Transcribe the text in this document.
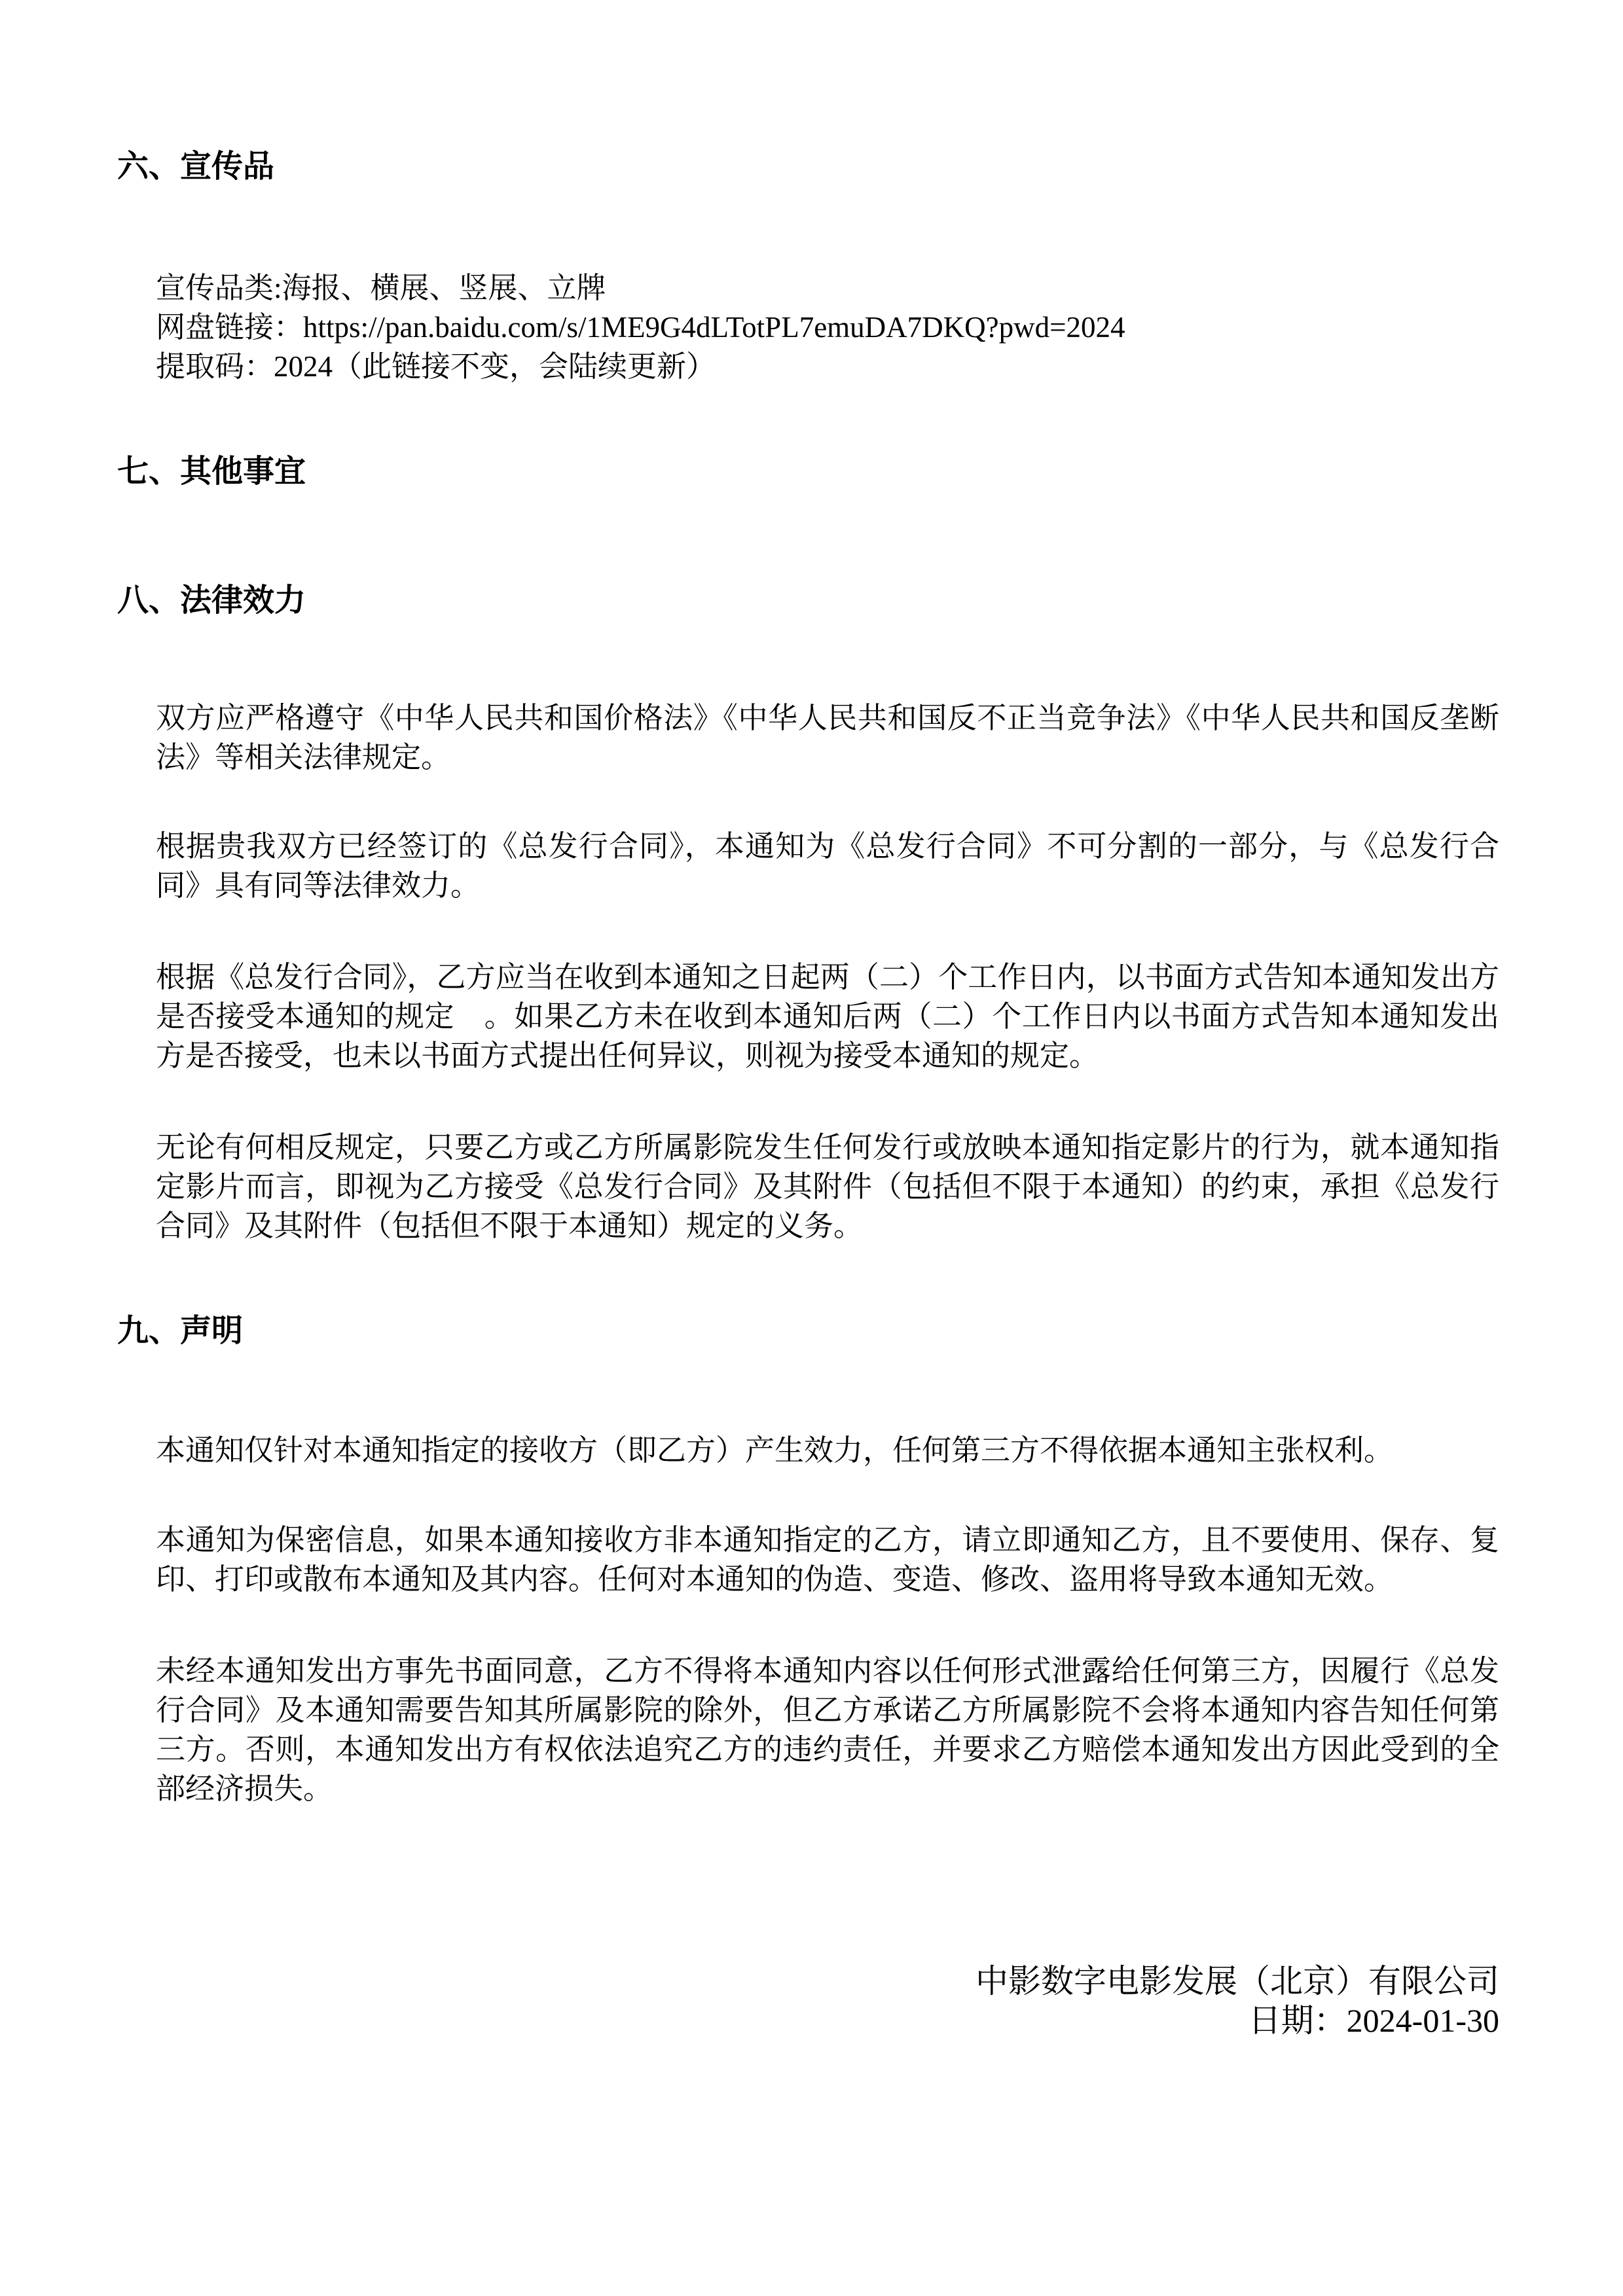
六、宣传品

宣传品类:海报、横展、竖展、立牌

网盘链接：https://pan.baidu.com/s/1ME9G4dLTotPL7emuDA7DKQ?pwd=2024

提取码：2024（此链接不变，会陆续更新）

七、其他事宜
八、法律效力

双方应严格遵守《中华人民共和国价格法》《中华人民共和国反不正当竞争法》《中华人民共和国反垄断法》等相关法律规定。

根据贵我双方已经签订的《总发行合同》，本通知为《总发行合同》不可分割的一部分，与《总发行合同》具有同等法律效力。

根据《总发行合同》，乙方应当在收到本通知之日起两（二）个工作日内，以书面方式告知本通知发出方是否接受本通知的规定　。如果乙方未在收到本通知后两（二）个工作日内以书面方式告知本通知发出方是否接受，也未以书面方式提出任何异议，则视为接受本通知的规定。

无论有何相反规定，只要乙方或乙方所属影院发生任何发行或放映本通知指定影片的行为，就本通知指定影片而言，即视为乙方接受《总发行合同》及其附件（包括但不限于本通知）的约束，承担《总发行合同》及其附件（包括但不限于本通知）规定的义务。

九、声明

本通知仅针对本通知指定的接收方（即乙方）产生效力，任何第三方不得依据本通知主张权利。

本通知为保密信息，如果本通知接收方非本通知指定的乙方，请立即通知乙方，且不要使用、保存、复印、打印或散布本通知及其内容。任何对本通知的伪造、变造、修改、盗用将导致本通知无效。

未经本通知发出方事先书面同意，乙方不得将本通知内容以任何形式泄露给任何第三方，因履行《总发行合同》及本通知需要告知其所属影院的除外，但乙方承诺乙方所属影院不会将本通知内容告知任何第三方。否则，本通知发出方有权依法追究乙方的违约责任，并要求乙方赔偿本通知发出方因此受到的全部经济损失。

中影数字电影发展（北京）有限公司

日期：2024-01-30
